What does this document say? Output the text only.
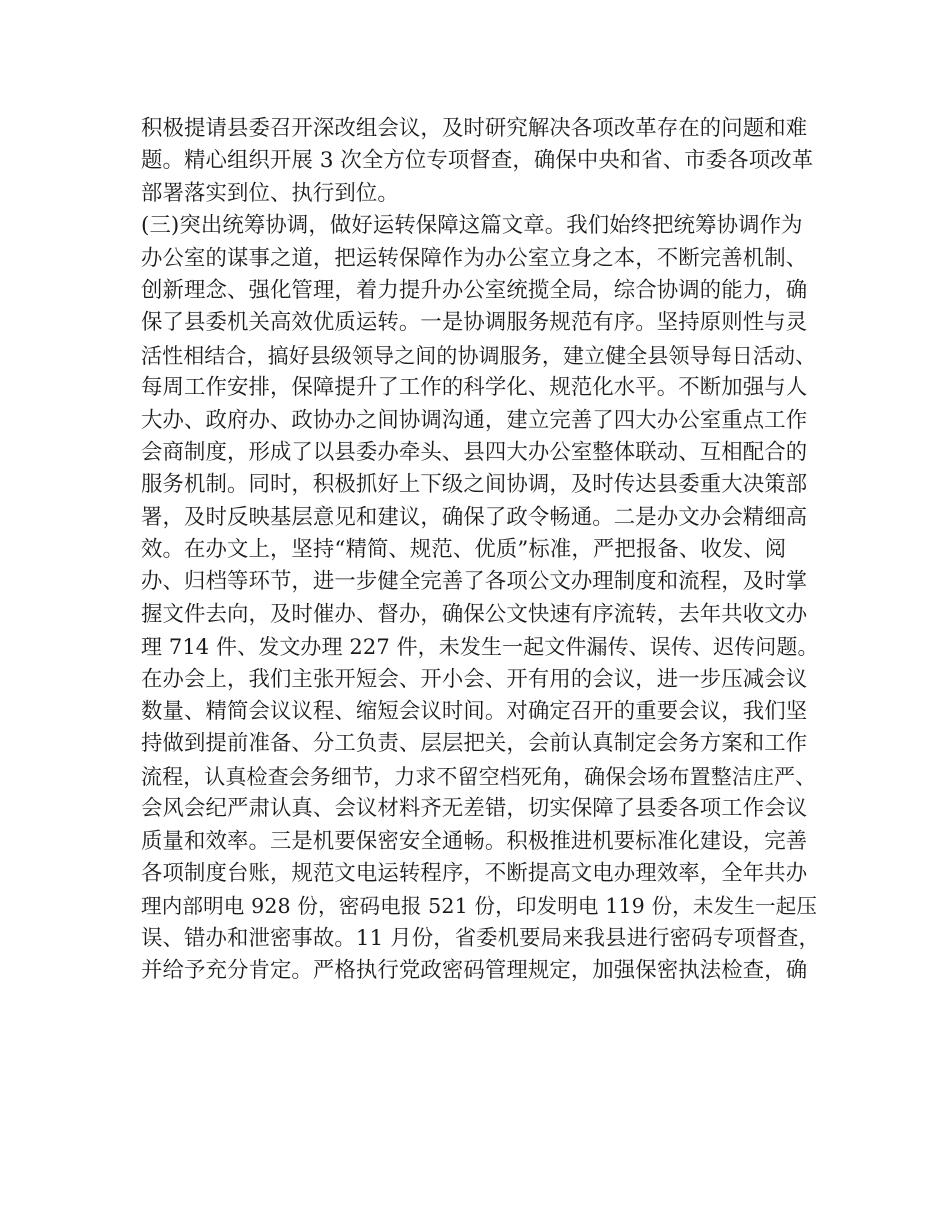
积极提请县委召开深改组会议，及时研究解决各项改革存在的问题和难
题。精心组织开展 3 次全方位专项督查，确保中央和省、市委各项改革
部署落实到位、执行到位。
(三)突出统筹协调，做好运转保障这篇文章。我们始终把统筹协调作为
办公室的谋事之道，把运转保障作为办公室立身之本，不断完善机制、
创新理念、强化管理，着力提升办公室统揽全局，综合协调的能力，确
保了县委机关高效优质运转。一是协调服务规范有序。坚持原则性与灵
活性相结合，搞好县级领导之间的协调服务，建立健全县领导每日活动、
每周工作安排，保障提升了工作的科学化、规范化水平。不断加强与人
大办、政府办、政协办之间协调沟通，建立完善了四大办公室重点工作
会商制度，形成了以县委办牵头、县四大办公室整体联动、互相配合的
服务机制。同时，积极抓好上下级之间协调，及时传达县委重大决策部
署，及时反映基层意见和建议，确保了政令畅通。二是办文办会精细高
效。在办文上，坚持“精简、规范、优质”标准，严把报备、收发、阅
办、归档等环节，进一步健全完善了各项公文办理制度和流程，及时掌
握文件去向，及时催办、督办，确保公文快速有序流转，去年共收文办
理 714 件、发文办理 227 件，未发生一起文件漏传、误传、迟传问题。
在办会上，我们主张开短会、开小会、开有用的会议，进一步压减会议
数量、精简会议议程、缩短会议时间。对确定召开的重要会议，我们坚
持做到提前准备、分工负责、层层把关，会前认真制定会务方案和工作
流程，认真检查会务细节，力求不留空档死角，确保会场布置整洁庄严、
会风会纪严肃认真、会议材料齐无差错，切实保障了县委各项工作会议
质量和效率。三是机要保密安全通畅。积极推进机要标准化建设，完善
各项制度台账，规范文电运转程序，不断提高文电办理效率，全年共办
理内部明电 928 份，密码电报 521 份，印发明电 119 份，未发生一起压
误、错办和泄密事故。11 月份，省委机要局来我县进行密码专项督查，
并给予充分肯定。严格执行党政密码管理规定，加强保密执法检查，确
